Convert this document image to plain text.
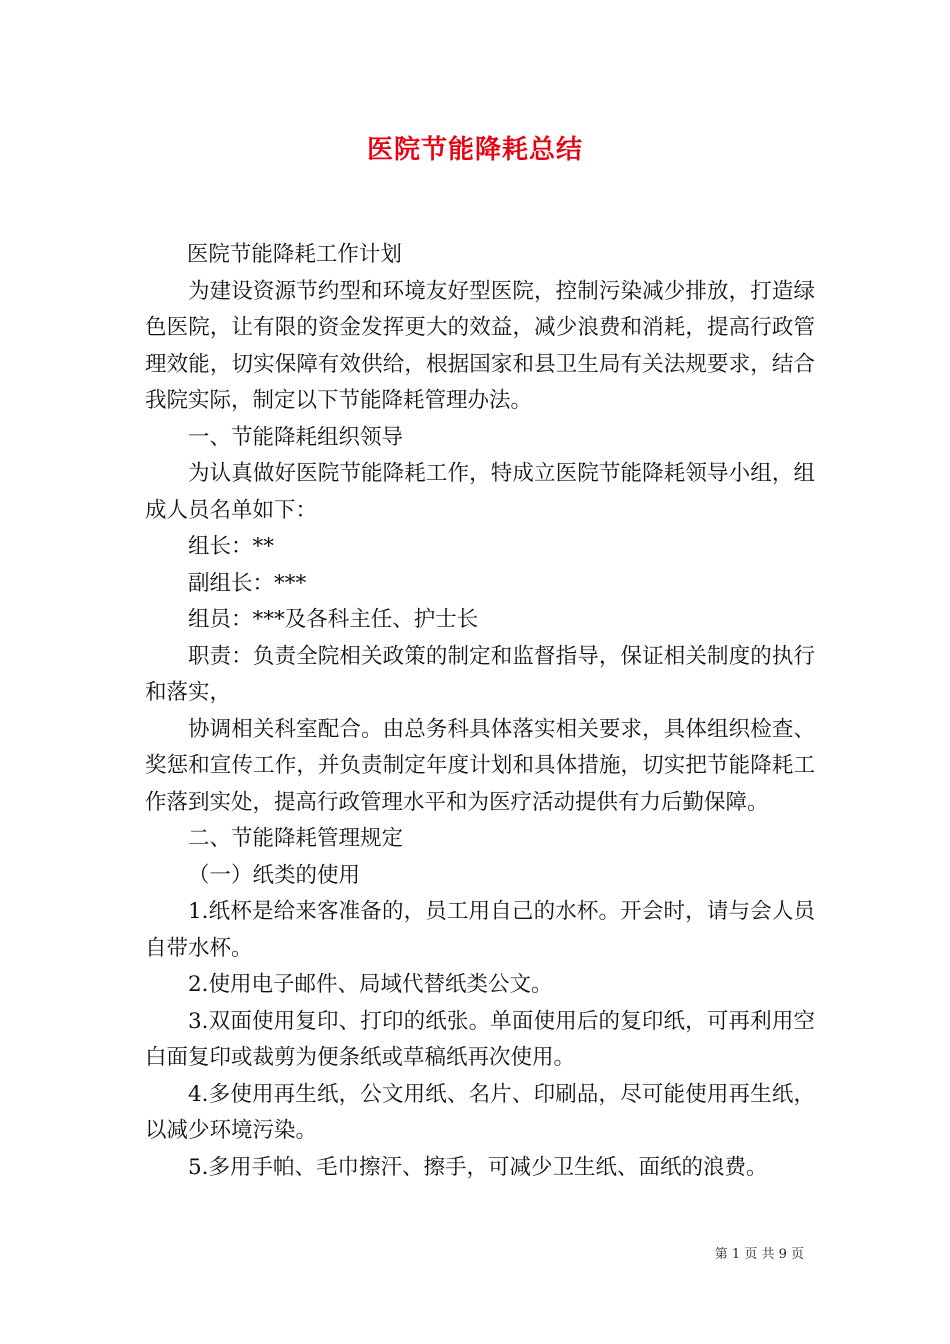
医院节能降耗总结

医院节能降耗工作计划

为建设资源节约型和环境友好型医院，控制污染减少排放，打造绿色医院，让有限的资金发挥更大的效益，减少浪费和消耗，提高行政管理效能，切实保障有效供给，根据国家和县卫生局有关法规要求，结合我院实际，制定以下节能降耗管理办法。

一、节能降耗组织领导

为认真做好医院节能降耗工作，特成立医院节能降耗领导小组，组成人员名单如下：

组长：**

副组长：***

组员：***及各科主任、护士长

职责：负责全院相关政策的制定和监督指导，保证相关制度的执行和落实，

协调相关科室配合。由总务科具体落实相关要求，具体组织检查、奖惩和宣传工作，并负责制定年度计划和具体措施，切实把节能降耗工作落到实处，提高行政管理水平和为医疗活动提供有力后勤保障。

二、节能降耗管理规定

（一）纸类的使用

1.纸杯是给来客准备的，员工用自己的水杯。开会时，请与会人员自带水杯。

2.使用电子邮件、局域代替纸类公文。

3.双面使用复印、打印的纸张。单面使用后的复印纸，可再利用空白面复印或裁剪为便条纸或草稿纸再次使用。

4.多使用再生纸，公文用纸、名片、印刷品，尽可能使用再生纸，以减少环境污染。

5.多用手帕、毛巾擦汗、擦手，可减少卫生纸、面纸的浪费。

第 1 页 共 9 页
